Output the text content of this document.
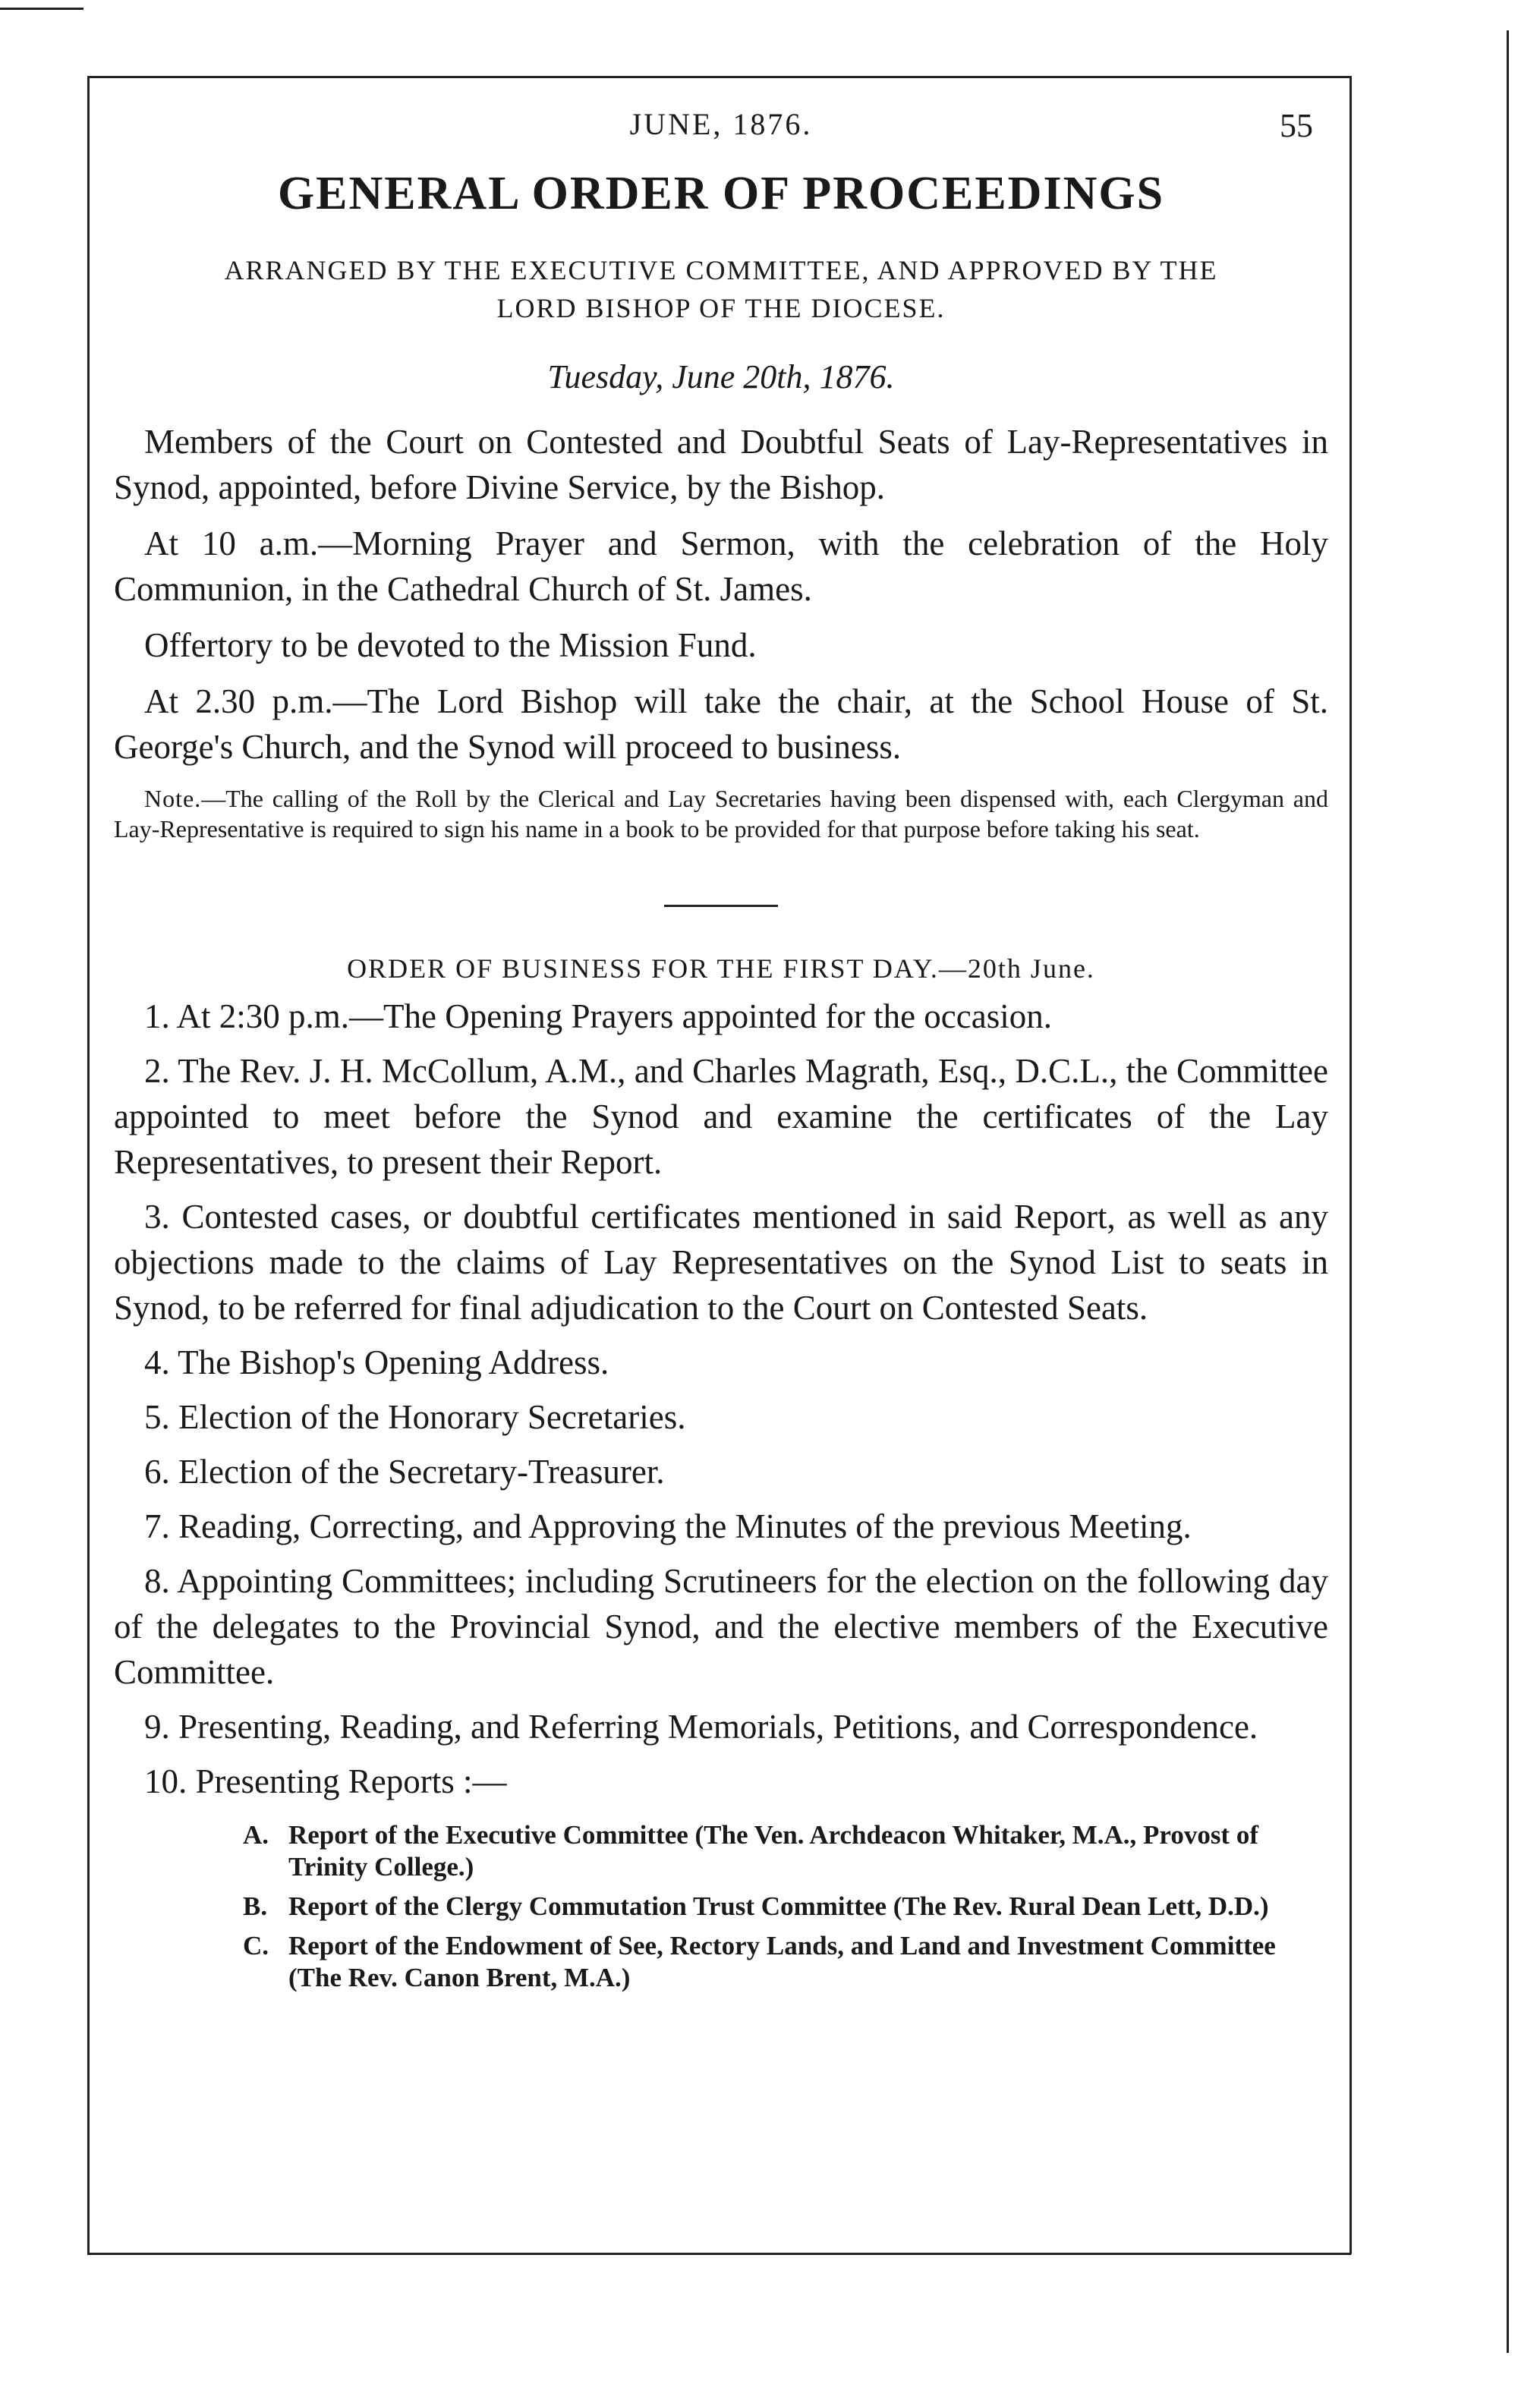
JUNE, 1876.	55
GENERAL ORDER OF PROCEEDINGS
ARRANGED BY THE EXECUTIVE COMMITTEE, AND APPROVED BY THE
LORD BISHOP OF THE DIOCESE.
Tuesday, June 20th, 1876.

Members of the Court on Contested and Doubtful Seats of Lay-Representatives in Synod, appointed, before Divine Service, by the Bishop.

At 10 a.m.—Morning Prayer and Sermon, with the celebration of the Holy Communion, in the Cathedral Church of St. James.

Offertory to be devoted to the Mission Fund.

At 2.30 p.m.—The Lord Bishop will take the chair, at the School House of St. George's Church, and the Synod will proceed to business.

Note.—The calling of the Roll by the Clerical and Lay Secretaries having been dispensed with, each Clergyman and Lay-Representative is required to sign his name in a book to be provided for that purpose before taking his seat.

ORDER OF BUSINESS FOR THE FIRST DAY.—20th June.

1. At 2:30 p.m.—The Opening Prayers appointed for the occasion.

2. The Rev. J. H. McCollum, A.M., and Charles Magrath, Esq., D.C.L., the Committee appointed to meet before the Synod and examine the certificates of the Lay Representatives, to present their Report.

3. Contested cases, or doubtful certificates mentioned in said Report, as well as any objections made to the claims of Lay Representatives on the Synod List to seats in Synod, to be referred for final adjudication to the Court on Contested Seats.

4. The Bishop's Opening Address.

5. Election of the Honorary Secretaries.

6. Election of the Secretary-Treasurer.

7. Reading, Correcting, and Approving the Minutes of the previous Meeting.

8. Appointing Committees; including Scrutineers for the election on the following day of the delegates to the Provincial Synod, and the elective members of the Executive Committee.

9. Presenting, Reading, and Referring Memorials, Petitions, and Correspondence.

10. Presenting Reports :—

A. Report of the Executive Committee (The Ven. Archdeacon Whitaker, M.A., Provost of Trinity College.)
B. Report of the Clergy Commutation Trust Committee (The Rev. Rural Dean Lett, D.D.)
C. Report of the Endowment of See, Rectory Lands, and Land and Investment Committee (The Rev. Canon Brent, M.A.)
